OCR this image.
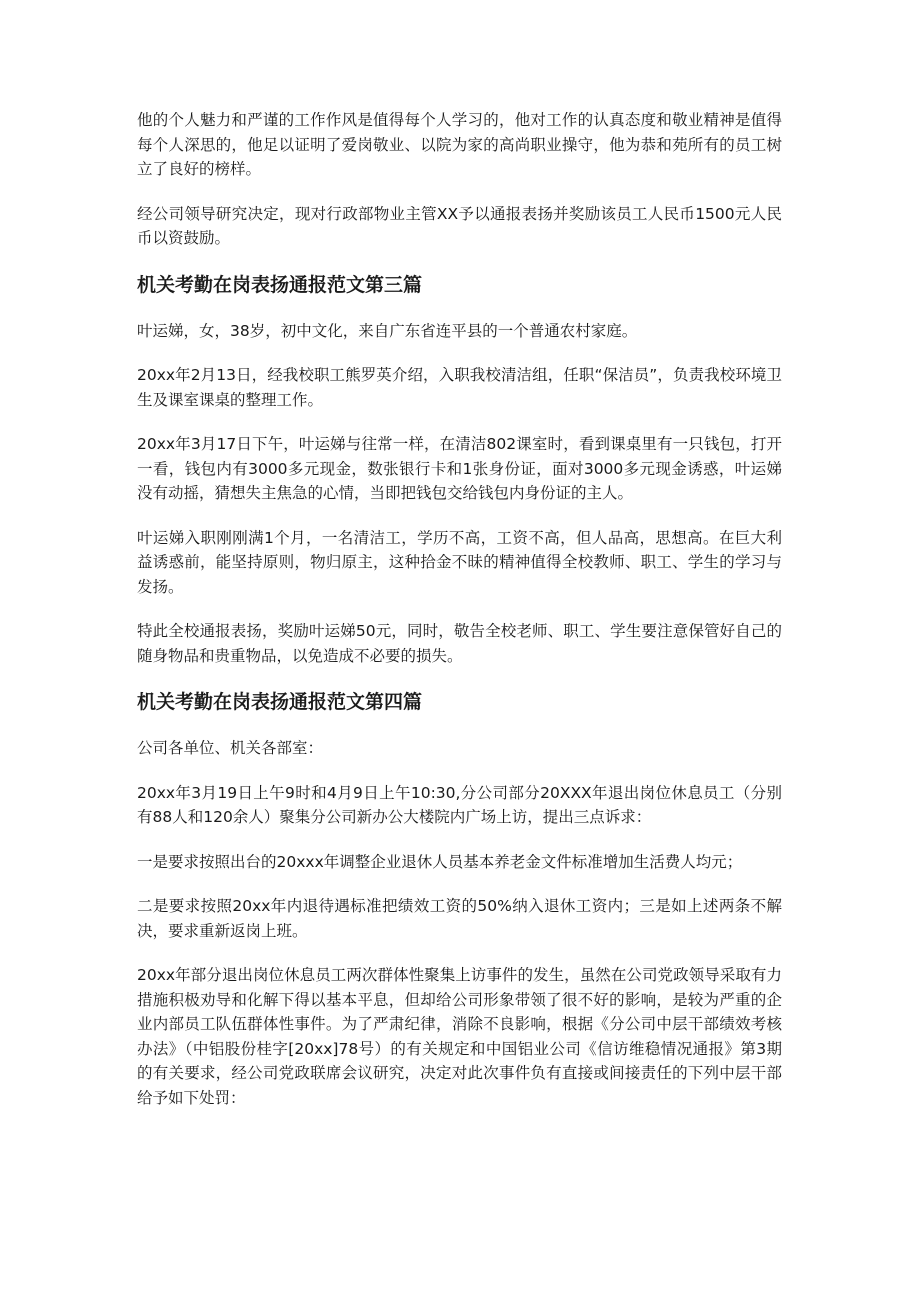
他的个人魅力和严谨的工作作风是值得每个人学习的，他对工作的认真态度和敬业精神是值得每个人深思的，他足以证明了爱岗敬业、以院为家的高尚职业操守，他为恭和苑所有的员工树立了良好的榜样。

经公司领导研究决定，现对行政部物业主管XX予以通报表扬并奖励该员工人民币1500元人民币以资鼓励。

机关考勤在岗表扬通报范文第三篇

叶运娣，女，38岁，初中文化，来自广东省连平县的一个普通农村家庭。

20xx年2月13日，经我校职工熊罗英介绍，入职我校清洁组，任职“保洁员”，负责我校环境卫生及课室课桌的整理工作。

20xx年3月17日下午，叶运娣与往常一样，在清洁802课室时，看到课桌里有一只钱包，打开一看，钱包内有3000多元现金，数张银行卡和1张身份证，面对3000多元现金诱惑，叶运娣没有动摇，猜想失主焦急的心情，当即把钱包交给钱包内身份证的主人。

叶运娣入职刚刚满1个月，一名清洁工，学历不高，工资不高，但人品高，思想高。在巨大利益诱惑前，能坚持原则，物归原主，这种拾金不昧的精神值得全校教师、职工、学生的学习与发扬。

特此全校通报表扬，奖励叶运娣50元，同时，敬告全校老师、职工、学生要注意保管好自己的随身物品和贵重物品，以免造成不必要的损失。

机关考勤在岗表扬通报范文第四篇

公司各单位、机关各部室：

20xx年3月19日上午9时和4月9日上午10:30,分公司部分20XXX年退出岗位休息员工（分别有88人和120余人）聚集分公司新办公大楼院内广场上访，提出三点诉求：

一是要求按照出台的20xxx年调整企业退休人员基本养老金文件标准增加生活费人均元；

二是要求按照20xx年内退待遇标准把绩效工资的50%纳入退休工资内；三是如上述两条不解决，要求重新返岗上班。

20xx年部分退出岗位休息员工两次群体性聚集上访事件的发生，虽然在公司党政领导采取有力措施积极劝导和化解下得以基本平息，但却给公司形象带领了很不好的影响，是较为严重的企业内部员工队伍群体性事件。为了严肃纪律，消除不良影响，根据《分公司中层干部绩效考核办法》（中铝股份桂字[20xx]78号）的有关规定和中国铝业公司《信访维稳情况通报》第3期的有关要求，经公司党政联席会议研究，决定对此次事件负有直接或间接责任的下列中层干部给予如下处罚：
